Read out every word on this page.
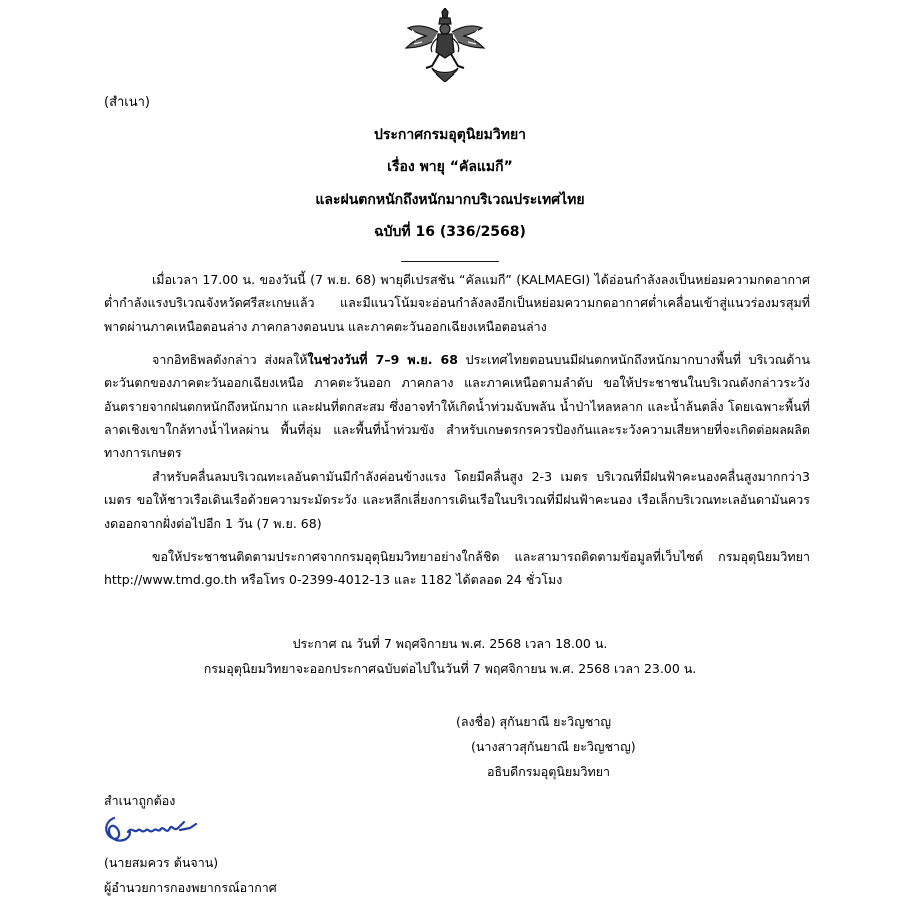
(สำเนา)
ประกาศกรมอุตุนิยมวิทยา
เรื่อง พายุ “คัลแมกี”
และฝนตกหนักถึงหนักมากบริเวณประเทศไทย
ฉบับที่ 16 (336/2568)
_______________
เมื่อเวลา 17.00 น. ของวันนี้ (7 พ.ย. 68) พายุดีเปรสชัน “คัลแมกี” (KALMAEGI) ได้อ่อนกำลังลงเป็นหย่อมความกดอากาศต่ำกำลังแรงบริเวณจังหวัดศรีสะเกษแล้ว และมีแนวโน้มจะอ่อนกำลังลงอีกเป็นหย่อมความกดอากาศต่ำเคลื่อนเข้าสู่แนวร่องมรสุมที่พาดผ่านภาคเหนือตอนล่าง ภาคกลางตอนบน และภาคตะวันออกเฉียงเหนือตอนล่าง
จากอิทธิพลดังกล่าว ส่งผลให้ในช่วงวันที่ 7–9 พ.ย. 68 ประเทศไทยตอนบนมีฝนตกหนักถึงหนักมากบางพื้นที่ บริเวณด้านตะวันตกของภาคตะวันออกเฉียงเหนือ ภาคตะวันออก ภาคกลาง และภาคเหนือตามลำดับ ขอให้ประชาชนในบริเวณดังกล่าวระวังอันตรายจากฝนตกหนักถึงหนักมาก และฝนที่ตกสะสม ซึ่งอาจทำให้เกิดน้ำท่วมฉับพลัน น้ำป่าไหลหลาก และน้ำล้นตลิ่ง โดยเฉพาะพื้นที่ลาดเชิงเขาใกล้ทางน้ำไหลผ่าน พื้นที่ลุ่ม และพื้นที่น้ำท่วมขัง สำหรับเกษตรกรควรป้องกันและระวังความเสียหายที่จะเกิดต่อผลผลิตทางการเกษตร
สำหรับคลื่นลมบริเวณทะเลอันดามันมีกำลังค่อนข้างแรง โดยมีคลื่นสูง 2-3 เมตร บริเวณที่มีฝนฟ้าคะนองคลื่นสูงมากกว่า3 เมตร ขอให้ชาวเรือเดินเรือด้วยความระมัดระวัง และหลีกเลี่ยงการเดินเรือในบริเวณที่มีฝนฟ้าคะนอง เรือเล็กบริเวณทะเลอันดามันควรงดออกจากฝั่งต่อไปอีก 1 วัน (7 พ.ย. 68)
ขอให้ประชาชนติดตามประกาศจากกรมอุตุนิยมวิทยาอย่างใกล้ชิด และสามารถติดตามข้อมูลที่เว็บไซต์ กรมอุตุนิยมวิทยา http://www.tmd.go.th หรือโทร 0-2399-4012-13 และ 1182 ได้ตลอด 24 ชั่วโมง
ประกาศ ณ วันที่ 7 พฤศจิกายน พ.ศ. 2568 เวลา 18.00 น.
กรมอุตุนิยมวิทยาจะออกประกาศฉบับต่อไปในวันที่ 7 พฤศจิกายน พ.ศ. 2568 เวลา 23.00 น.
(ลงชื่อ) สุกันยาณี ยะวิญชาญ
(นางสาวสุกันยาณี ยะวิญชาญ)
อธิบดีกรมอุตุนิยมวิทยา
สำเนาถูกต้อง
(นายสมควร ต้นจาน)
ผู้อำนวยการกองพยากรณ์อากาศ
